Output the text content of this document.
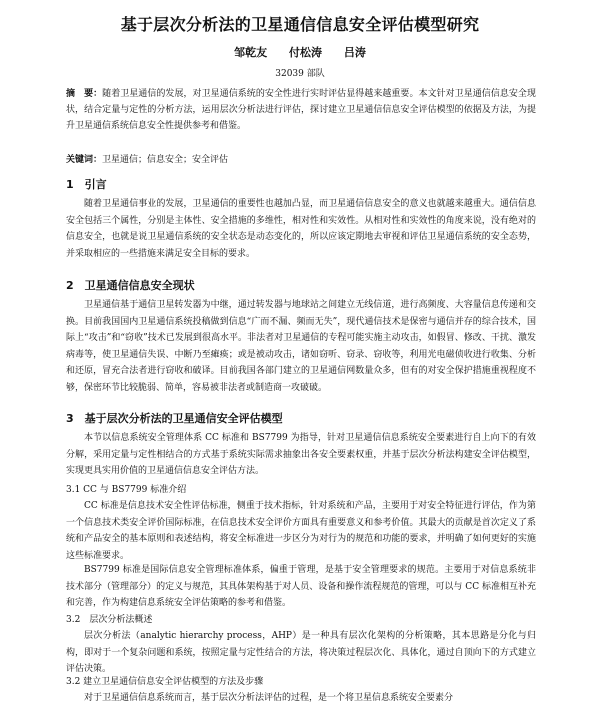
基于层次分析法的卫星通信信息安全评估模型研究
邹乾友 付松涛 吕涛
32039 部队
摘　要：随着卫星通信的发展，对卫星通信系统的安全性进行实时评估显得越来越重要。本文针对卫星通信信息安全现状，结合定量与定性的分析方法，运用层次分析法进行评估，探讨建立卫星通信信息安全评估模型的依据及方法，为提升卫星通信系统信息安全性提供参考和借鉴。
关键词：卫星通信；信息安全；安全评估
1　引言
随着卫星通信事业的发展，卫星通信的重要性也越加凸显，而卫星通信信息安全的意义也就越来越重大。通信信息安全包括三个属性，分别是主体性、安全措施的多维性，相对性和实效性。从相对性和实效性的角度来说，没有绝对的信息安全，也就是说卫星通信系统的安全状态是动态变化的，所以应该定期地去审视和评估卫星通信系统的安全态势，并采取相应的一些措施来满足安全目标的要求。
2　卫星通信信息安全现状
卫星通信基于通信卫星转发器为中继，通过转发器与地球站之间建立无线信道，进行高频度、大容量信息传递和交换。目前我国国内卫星通信系统投稿做到信息“广而不漏、频而无失”，现代通信技术是保密与通信并存的综合技术，国际上“攻击”和“窃收”技术已发展到很高水平。非法者对卫星通信的专程可能实施主动攻击，如假冒、修改、干扰、激发病毒等，使卫星通信失误、中断乃至瘫痪；或是被动攻击，诸如窃听、窃录、窃收等，利用光电磁侦收进行收集、分析和还原，冒充合法者进行窃收和破译。目前我国各部门建立的卫星通信网数量众多，但有的对安全保护措施重视程度不够，保密环节比较脆弱、简单，容易被非法者或制造商一攻破破。
3　基于层次分析法的卫星通信安全评估模型
本节以信息系统安全管理体系 CC 标准和 BS7799 为指导，针对卫星通信信息系统安全要素进行自上向下的有效分解，采用定量与定性相结合的方式基于系统实际需求抽象出各安全要素权重，并基于层次分析法构建安全评估模型，实现更具实用价值的卫星通信信息安全评估方法。
3.1 CC 与 BS7799 标准介绍
CC 标准是信息技术安全性评估标准，侧重于技术指标，针对系统和产品，主要用于对安全特征进行评估，作为第一个信息技术类安全评价国际标准，在信息技术安全评价方面具有重要意义和参考价值。其最大的贡献是首次定义了系统和产品安全的基本原则和表述结构，将安全标准进一步区分为对行为的规范和功能的要求，并明确了如何更好的实施这些标准要求。
BS7799 标准是国际信息安全管理标准体系，偏重于管理，是基于安全管理要求的规范。主要用于对信息系统非技术部分（管理部分）的定义与规范，其具体架构基于对人员、设备和操作流程规范的管理，可以与 CC 标准相互补充和完善，作为构建信息系统安全评估策略的参考和借鉴。
3.2　层次分析法概述
层次分析法（analytic hierarchy process，AHP）是一种具有层次化架构的分析策略，其本思路是分化与归构，即对于一个复杂问题和系统，按照定量与定性结合的方法，将决策过程层次化、具体化，通过自顶向下的方式建立评估决策。
3.2 建立卫星通信信息安全评估模型的方法及步骤
对于卫星通信信息系统而言，基于层次分析法评估的过程，是一个将卫星信息系统安全要素分
